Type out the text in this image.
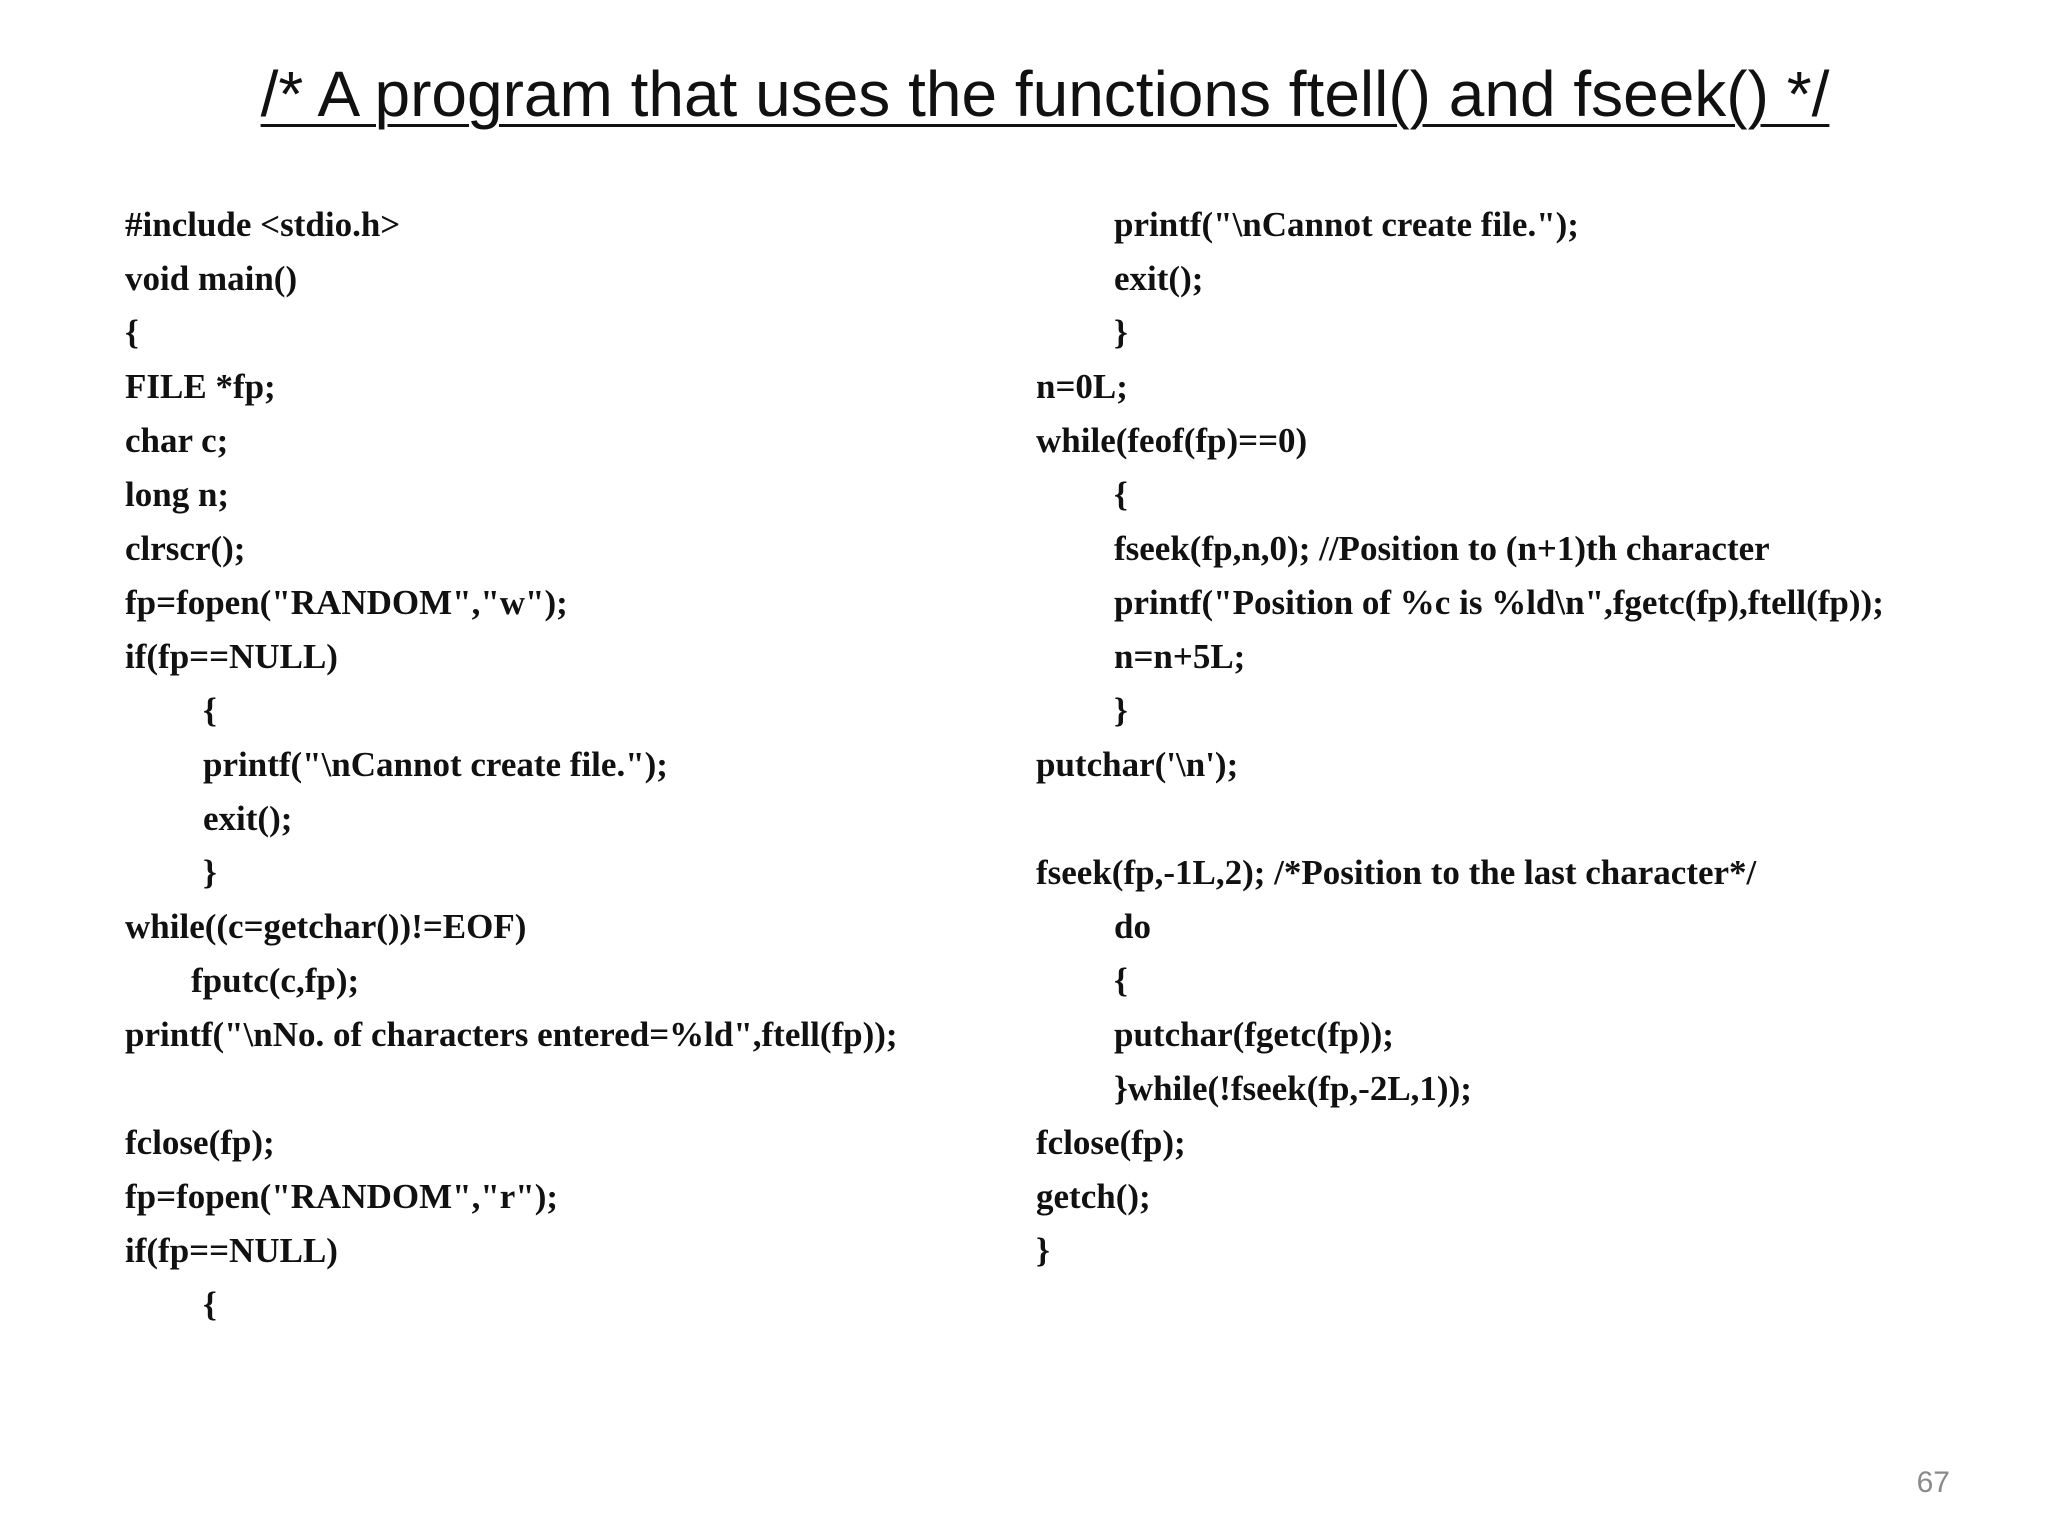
/* A program that uses the functions ftell() and fseek() */
#include <stdio.h>
void main()
{
FILE *fp;
char c;
long n;
clrscr();
fp=fopen("RANDOM","w");
if(fp==NULL)
{
printf("\nCannot create file.");
exit();
}
while((c=getchar())!=EOF)
fputc(c,fp);
printf("\nNo. of characters entered=%ld",ftell(fp));
fclose(fp);
fp=fopen("RANDOM","r");
if(fp==NULL)
{
printf("\nCannot create file.");
exit();
}
n=0L;
while(feof(fp)==0)
{
fseek(fp,n,0); //Position to (n+1)th character
printf("Position of %c is %ld\n",fgetc(fp),ftell(fp));
n=n+5L;
}
putchar('\n');
fseek(fp,-1L,2); /*Position to the last character*/
do
{
putchar(fgetc(fp));
}while(!fseek(fp,-2L,1));
fclose(fp);
getch();
}
67
